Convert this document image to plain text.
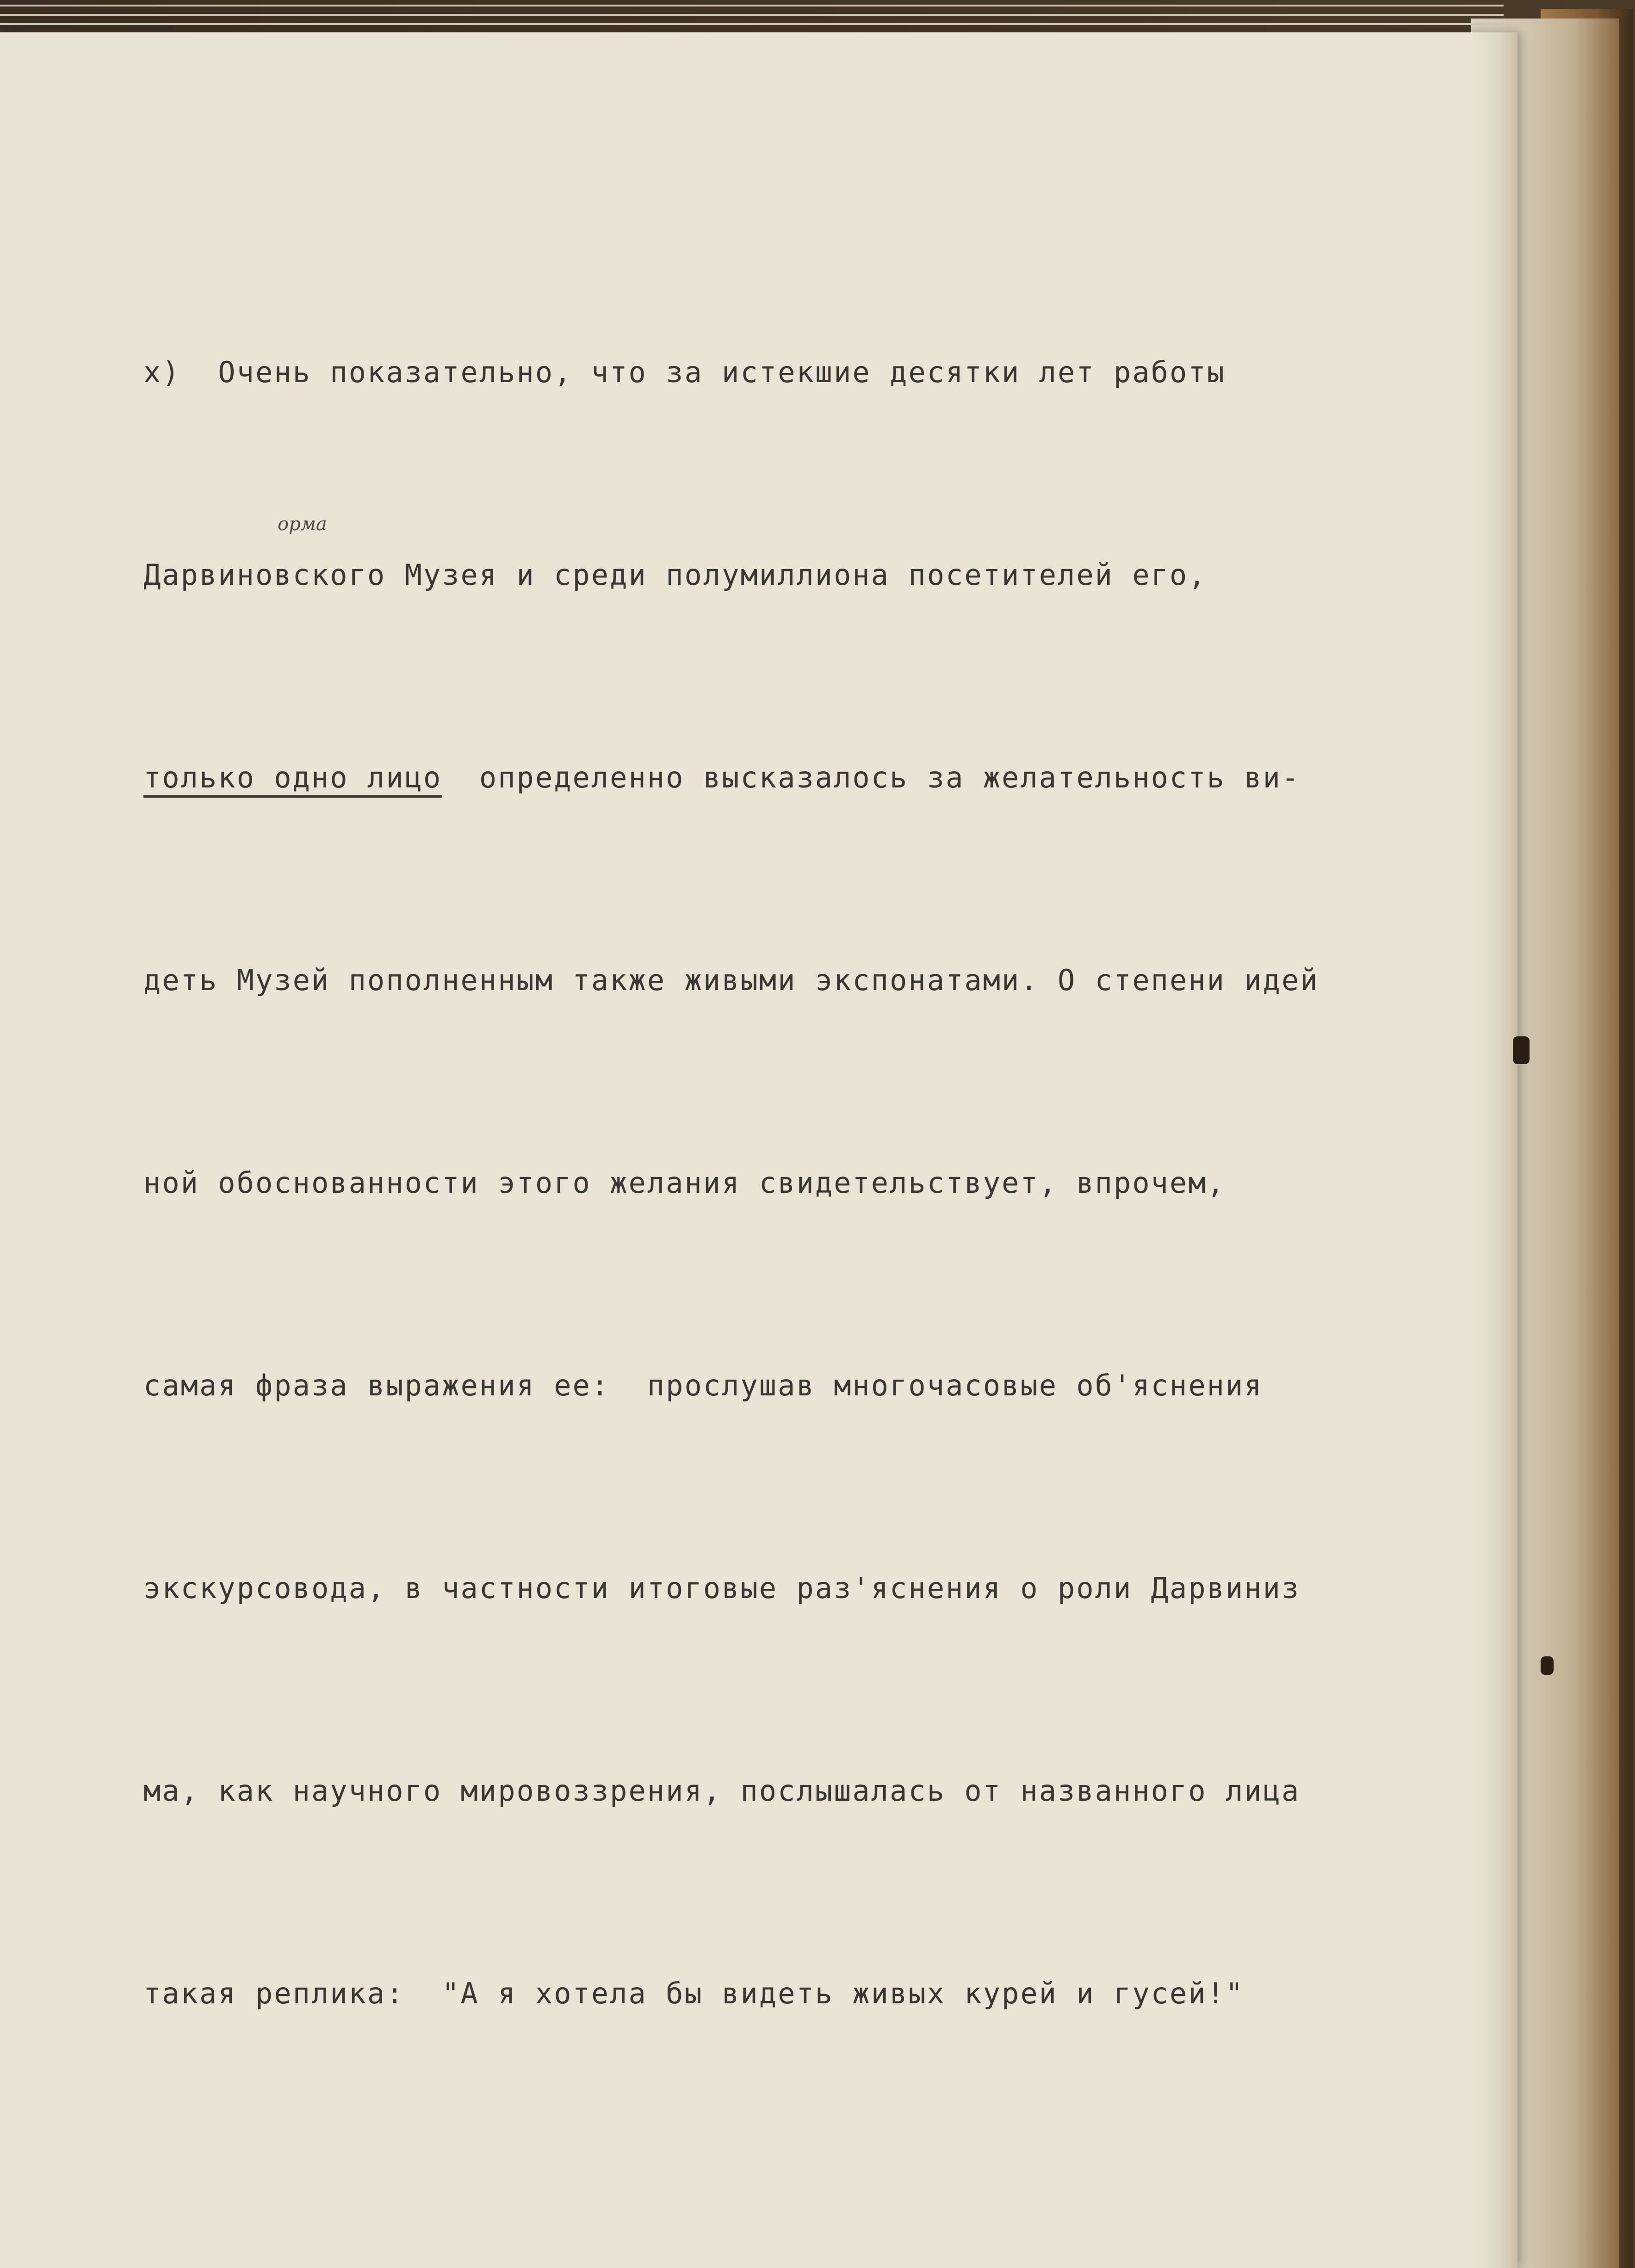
х)  Очень показательно, что за истекшие десятки лет работы

Дарвиновского Музея и среди полумиллиона посетителей его,

только одно лицо  определенно высказалось за желательность ви-

деть Музей пополненным также живыми экспонатами. О степени идей

ной обоснованности этого желания свидетельствует, впрочем,

самая фраза выражения ее:  прослушав многочасовые об'яснения

экскурсовода, в частности итоговые раз'яснения о роли Дарвиниз

ма, как научного мировоззрения, послышалась от названного лица

такая реплика:  "А я хотела бы видеть живых курей и гусей!"

орма
